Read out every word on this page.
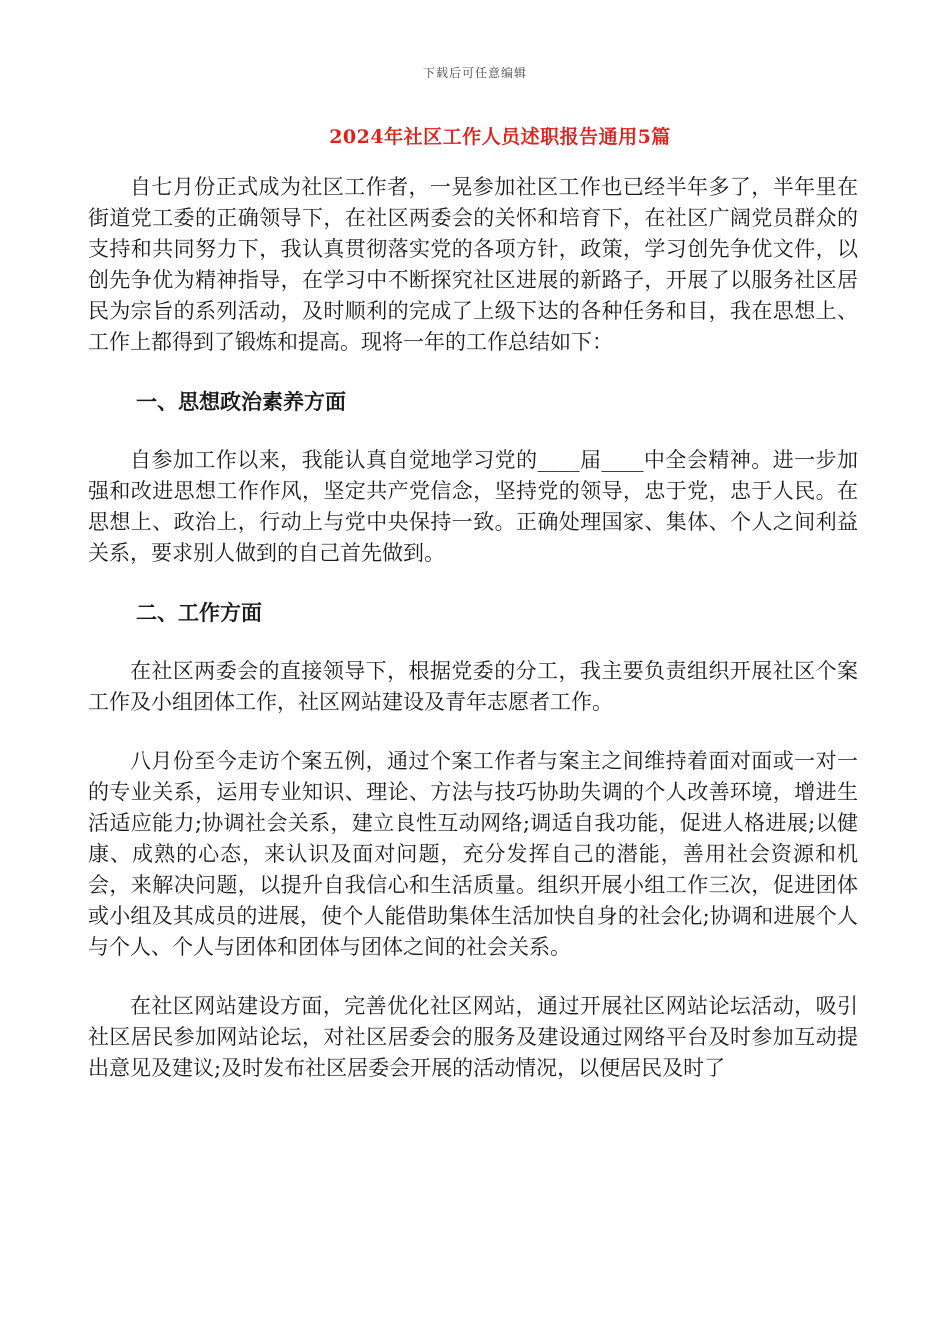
下载后可任意编辑
2024年社区工作人员述职报告通用5篇

自七月份正式成为社区工作者，一晃参加社区工作也已经半年多了，半年里在街道党工委的正确领导下，在社区两委会的关怀和培育下，在社区广阔党员群众的支持和共同努力下，我认真贯彻落实党的各项方针，政策，学习创先争优文件，以创先争优为精神指导，在学习中不断探究社区进展的新路子，开展了以服务社区居民为宗旨的系列活动，及时顺利的完成了上级下达的各种任务和目，我在思想上、工作上都得到了锻炼和提高。现将一年的工作总结如下：

一、思想政治素养方面

自参加工作以来，我能认真自觉地学习党的____届____中全会精神。进一步加强和改进思想工作作风，坚定共产党信念，坚持党的领导，忠于党，忠于人民。在思想上、政治上，行动上与党中央保持一致。正确处理国家、集体、个人之间利益关系，要求别人做到的自己首先做到。

二、工作方面

在社区两委会的直接领导下，根据党委的分工，我主要负责组织开展社区个案工作及小组团体工作，社区网站建设及青年志愿者工作。

八月份至今走访个案五例，通过个案工作者与案主之间维持着面对面或一对一的专业关系，运用专业知识、理论、方法与技巧协助失调的个人改善环境，增进生活适应能力;协调社会关系，建立良性互动网络;调适自我功能，促进人格进展;以健康、成熟的心态，来认识及面对问题，充分发挥自己的潜能，善用社会资源和机会，来解决问题，以提升自我信心和生活质量。组织开展小组工作三次，促进团体或小组及其成员的进展，使个人能借助集体生活加快自身的社会化;协调和进展个人与个人、个人与团体和团体与团体之间的社会关系。

在社区网站建设方面，完善优化社区网站，通过开展社区网站论坛活动，吸引社区居民参加网站论坛，对社区居委会的服务及建设通过网络平台及时参加互动提出意见及建议;及时发布社区居委会开展的活动情况，以便居民及时了
